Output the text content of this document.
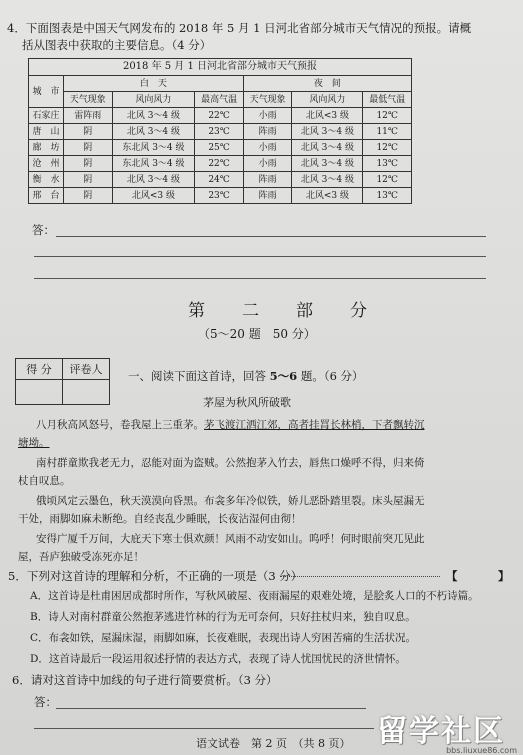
4．下面图表是中国天气网发布的 2018 年 5 月 1 日河北省部分城市天气情况的预报。请概
括从图表中获取的主要信息。（4 分）
2018 年 5 月 1 日河北省部分城市天气预报						
城　市	白　天			夜　间		
	天气现象	风向风力	最高气温	天气现象	风向风力	最低气温
石家庄	雷阵雨	北风 3～4 级	22℃	小雨	北风<3 级	12℃
唐　山	阴	北风 3～4 级	23℃	阵雨	北风 3～4 级	11℃
廊　坊	阴	东北风 3～4 级	25℃	小雨	北风 3～4 级	12℃
沧　州	阴	东北风 3～4 级	22℃	小雨	北风 3～4 级	13℃
衡　水	阴	北风 3～4 级	24℃	阵雨	北风 3～4 级	12℃
邢　台	阴	北风<3 级	23℃	阵雨	北风<3 级	13℃
答：
第　二　部　分
（5～20 题　50 分）
得 分	评卷人
	一、阅读下面这首诗，回答 5～6 题。（6 分）
茅屋为秋风所破歌
八月秋高风怒号，卷我屋上三重茅。茅飞渡江洒江郊，高者挂罥长林梢，下者飘转沉
塘坳。
南村群童欺我老无力，忍能对面为盗贼。公然抱茅入竹去，唇焦口燥呼不得，归来倚
杖自叹息。
俄顷风定云墨色，秋天漠漠向昏黑。布衾多年冷似铁，娇儿恶卧踏里裂。床头屋漏无
干处，雨脚如麻未断绝。自经丧乱少睡眠，长夜沾湿何由彻！
安得广厦千万间，大庇天下寒士俱欢颜！风雨不动安如山。呜呼！何时眼前突兀见此
屋，吾庐独破受冻死亦足！
5．下列对这首诗的理解和分析，不正确的一项是（3 分）	【	】
A．这首诗是杜甫困居成都时所作，写秋风破屋、夜雨漏屋的艰难处境，是脍炙人口的不朽诗篇。
B．诗人对南村群童公然抱茅逃进竹林的行为无可奈何，只好拄杖归来，独自叹息。
C．布衾如铁，屋漏床湿，雨脚如麻，长夜难眠，表现出诗人穷困苦痛的生活状况。
D．这首诗最后一段运用叙述抒情的表达方式，表现了诗人忧国忧民的济世情怀。
6．请对这首诗中加线的句子进行简要赏析。（3 分）
答：
语文试卷　第 2 页　（共 8 页） 留学社区
bbs.liuxue86.com
